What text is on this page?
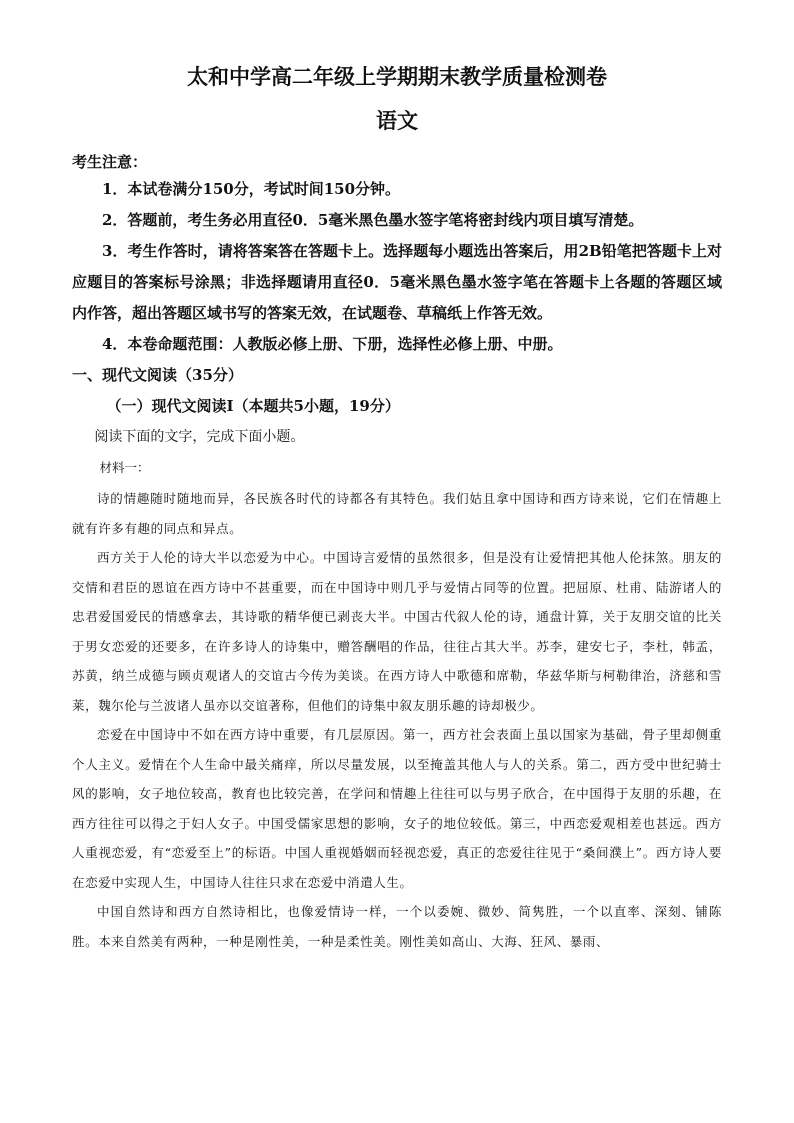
太和中学高二年级上学期期末教学质量检测卷
语文
考生注意：

1．本试卷满分150分，考试时间150分钟。

2．答题前，考生务必用直径0．5毫米黑色墨水签字笔将密封线内项目填写清楚。

3．考生作答时，请将答案答在答题卡上。选择题每小题选出答案后，用2B铅笔把答题卡上对应题目的答案标号涂黑；非选择题请用直径0．5毫米黑色墨水签字笔在答题卡上各题的答题区域内作答，超出答题区域书写的答案无效，在试题卷、草稿纸上作答无效。

4．本卷命题范围：人教版必修上册、下册，选择性必修上册、中册。

一、现代文阅读（35分）

（一）现代文阅读Ⅰ（本题共5小题，19分）

阅读下面的文字，完成下面小题。

材料一：

诗的情趣随时随地而异，各民族各时代的诗都各有其特色。我们姑且拿中国诗和西方诗来说，它们在情趣上就有许多有趣的同点和异点。

西方关于人伦的诗大半以恋爱为中心。中国诗言爱情的虽然很多，但是没有让爱情把其他人伦抹煞。朋友的交情和君臣的恩谊在西方诗中不甚重要，而在中国诗中则几乎与爱情占同等的位置。把屈原、杜甫、陆游诸人的忠君爱国爱民的情感拿去，其诗歌的精华便已剥丧大半。中国古代叙人伦的诗，通盘计算，关于友朋交谊的比关于男女恋爱的还要多，在许多诗人的诗集中，赠答酬唱的作品，往往占其大半。苏李，建安七子，李杜，韩孟，苏黄，纳兰成德与顾贞观诸人的交谊古今传为美谈。在西方诗人中歌德和席勒，华兹华斯与柯勒律治，济慈和雪莱，魏尔伦与兰波诸人虽亦以交谊著称，但他们的诗集中叙友朋乐趣的诗却极少。

恋爱在中国诗中不如在西方诗中重要，有几层原因。第一，西方社会表面上虽以国家为基础，骨子里却侧重个人主义。爱情在个人生命中最关痛痒，所以尽量发展，以至掩盖其他人与人的关系。第二，西方受中世纪骑士风的影响，女子地位较高，教育也比较完善，在学问和情趣上往往可以与男子欣合，在中国得于友朋的乐趣，在西方往往可以得之于妇人女子。中国受儒家思想的影响，女子的地位较低。第三，中西恋爱观相差也甚远。西方人重视恋爱，有“恋爱至上”的标语。中国人重视婚姻而轻视恋爱，真正的恋爱往往见于“桑间濮上”。西方诗人要在恋爱中实现人生，中国诗人往往只求在恋爱中消遣人生。

中国自然诗和西方自然诗相比，也像爱情诗一样，一个以委婉、微妙、简隽胜，一个以直率、深刻、铺陈胜。本来自然美有两种，一种是刚性美，一种是柔性美。刚性美如高山、大海、狂风、暴雨、
